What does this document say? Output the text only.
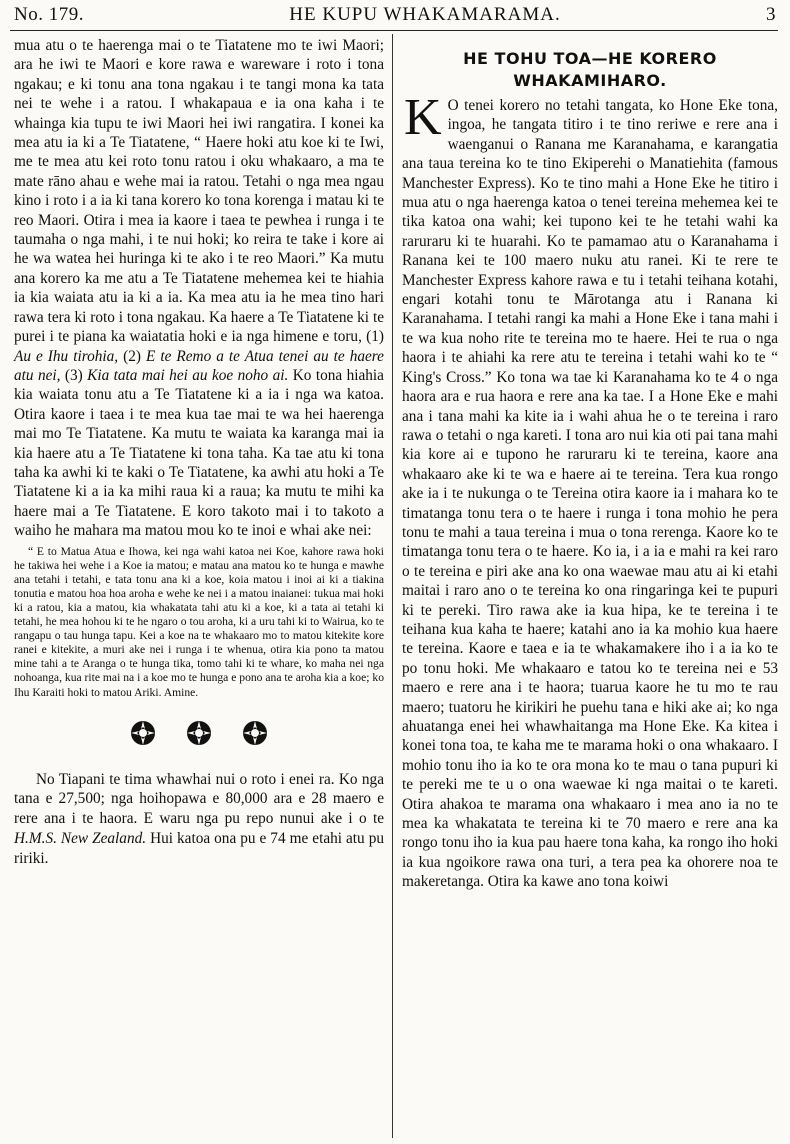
No. 179.	HE KUPU WHAKAMARAMA.	3

mua atu o te haerenga mai o te Tiatatene mo te iwi Maori; ara he iwi te Maori e kore rawa e wareware i roto i tona ngakau; e ki tonu ana tona ngakau i te tangi mona ka tata nei te wehe i a ratou. I whakapaua e ia ona kaha i te whainga kia tupu te iwi Maori hei iwi rangatira. I konei ka mea atu ia ki a Te Tiatatene, “ Haere hoki atu koe ki te Iwi, me te mea atu kei roto tonu ratou i oku whakaaro, a ma te mate rāno ahau e wehe mai ia ratou. Tetahi o nga mea ngau kino i roto i a ia ki tana korero ko tona korenga i matau ki te reo Maori. Otira i mea ia kaore i taea te pewhea i runga i te taumaha o nga mahi, i te nui hoki; ko reira te take i kore ai he wa watea hei huringa ki te ako i te reo Maori.” Ka mutu ana korero ka me atu a Te Tiatatene mehemea kei te hiahia ia kia waiata atu ia ki a ia. Ka mea atu ia he mea tino hari rawa tera ki roto i tona ngakau. Ka haere a Te Tiatatene ki te purei i te piana ka waiatatia hoki e ia nga himene e toru, (1) Au e Ihu tirohia, (2) E te Remo a te Atua tenei au te haere atu nei, (3) Kia tata mai hei au koe noho ai. Ko tona hiahia kia waiata tonu atu a Te Tiatatene ki a ia i nga wa katoa. Otira kaore i taea i te mea kua tae mai te wa hei haerenga mai mo Te Tiatatene. Ka mutu te waiata ka karanga mai ia kia haere atu a Te Tiatatene ki tona taha. Ka tae atu ki tona taha ka awhi ki te kaki o Te Tiatatene, ka awhi atu hoki a Te Tiatatene ki a ia ka mihi raua ki a raua; ka mutu te mihi ka haere mai a Te Tiatatene. E koro takoto mai i to takoto a waiho he mahara ma matou mou ko te inoi e whai ake nei:

“ E to Matua Atua e Ihowa, kei nga wahi katoa nei Koe, kahore rawa hoki he takiwa hei wehe i a Koe ia matou; e matau ana matou ko te hunga e mawhe ana tetahi i tetahi, e tata tonu ana ki a koe, koia matou i inoi ai ki a tiakina tonutia e matou hoa hoa aroha e wehe ke nei i a matou inaianei: tukua mai hoki ki a ratou, kia a matou, kia whakatata tahi atu ki a koe, ki a tata ai tetahi ki tetahi, he mea hohou ki te he ngaro o tou aroha, ki a uru tahi ki to Wairua, ko te rangapu o tau hunga tapu. Kei a koe na te whakaaro mo to matou kitekite kore ranei e kitekite, a muri ake nei i runga i te whenua, otira kia pono ta matou mine tahi a te Aranga o te hunga tika, tomo tahi ki te whare, ko maha nei nga nohoanga, kua rite mai na i a koe mo te hunga e pono ana te aroha kia a koe; ko Ihu Karaiti hoki to matou Ariki. Amine.

No Tiapani te tima whawhai nui o roto i enei ra. Ko nga tana e 27,500; nga hoihopawa e 80,000 ara e 28 maero e rere ana i te haora. E waru nga pu repo nunui ake i o te H.M.S. New Zealand. Hui katoa ona pu e 74 me etahi atu pu ririki.

HE TOHU TOA—HE KORERO
WHAKAMIHARO.

K O tenei korero no tetahi tangata, ko Hone Eke tona, ingoa, he tangata titiro i te tino reriwe e rere ana i waenganui o Ranana me Karanahama, e karangatia ana taua tereina ko te tino Ekiperehi o Manatiehita (famous Manchester Express). Ko te tino mahi a Hone Eke he titiro i mua atu o nga haerenga katoa o tenei tereina mehemea kei te tika katoa ona wahi; kei tupono kei te he tetahi wahi ka raruraru ki te huarahi. Ko te pamamao atu o Karanahama i Ranana kei te 100 maero nuku atu ranei. Ki te rere te Manchester Express kahore rawa e tu i tetahi teihana kotahi, engari kotahi tonu te Mārotanga atu i Ranana ki Karanahama. I tetahi rangi ka mahi a Hone Eke i tana mahi i te wa kua noho rite te tereina mo te haere. Hei te rua o nga haora i te ahiahi ka rere atu te tereina i tetahi wahi ko te “ King's Cross.” Ko tona wa tae ki Karanahama ko te 4 o nga haora ara e rua haora e rere ana ka tae. I a Hone Eke e mahi ana i tana mahi ka kite ia i wahi ahua he o te tereina i raro rawa o tetahi o nga kareti. I tona aro nui kia oti pai tana mahi kia kore ai e tupono he raruraru ki te tereina, kaore ana whakaaro ake ki te wa e haere ai te tereina. Tera kua rongo ake ia i te nukunga o te Tereina otira kaore ia i mahara ko te timatanga tonu tera o te haere i runga i tona mohio he pera tonu te mahi a taua tereina i mua o tona rerenga. Kaore ko te timatanga tonu tera o te haere. Ko ia, i a ia e mahi ra kei raro o te tereina e piri ake ana ko ona waewae mau atu ai ki etahi maitai i raro ano o te tereina ko ona ringaringa kei te pupuri ki te pereki. Tiro rawa ake ia kua hipa, ke te tereina i te teihana kua kaha te haere; katahi ano ia ka mohio kua haere te tereina. Kaore e taea e ia te whakamakere iho i a ia ko te po tonu hoki. Me whakaaro e tatou ko te tereina nei e 53 maero e rere ana i te haora; tuarua kaore he tu mo te rau maero; tuatoru he kirikiri he puehu tana e hiki ake ai; ko nga ahuatanga enei hei whawhaitanga ma Hone Eke. Ka kitea i konei tona toa, te kaha me te marama hoki o ona whakaaro. I mohio tonu iho ia ko te ora mona ko te mau o tana pupuri ki te pereki me te u o ona waewae ki nga maitai o te kareti. Otira ahakoa te marama ona whakaaro i mea ano ia no te mea ka whakatata te tereina ki te 70 maero e rere ana ka rongo tonu iho ia kua pau haere tona kaha, ka rongo iho hoki ia kua ngoikore rawa ona turi, a tera pea ka ohorere noa te makeretanga. Otira ka kawe ano tona koiwi
